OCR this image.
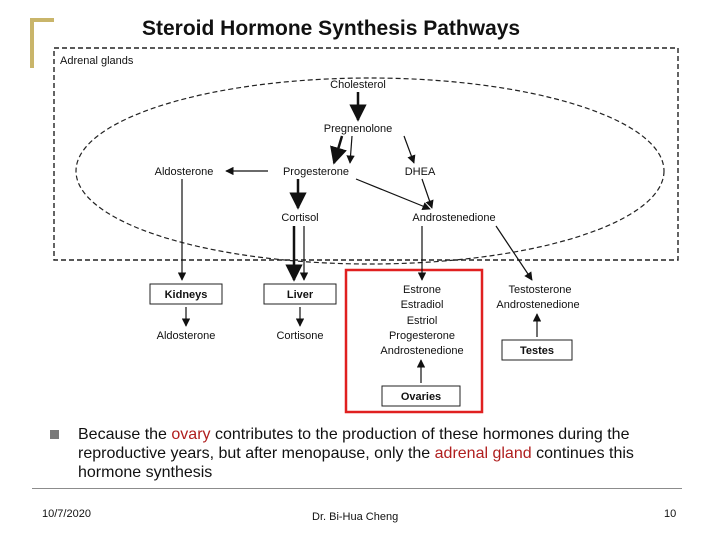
Steroid Hormone Synthesis Pathways
Adrenal glands
Cholesterol
Pregnenolone
Aldosterone	Progesterone	DHEA
Cortisol	Androstenedione
Kidneys	Liver
Aldosterone	Cortisone
Estrone
Estradiol
Estriol
Progesterone
Androstenedione
Ovaries
Testosterone
Androstenedione
Testes
Because the ovary contributes to the production of these hormones during the reproductive years, but after menopause, only the adrenal gland continues this hormone synthesis
10/7/2020	Dr. Bi-Hua Cheng	10
